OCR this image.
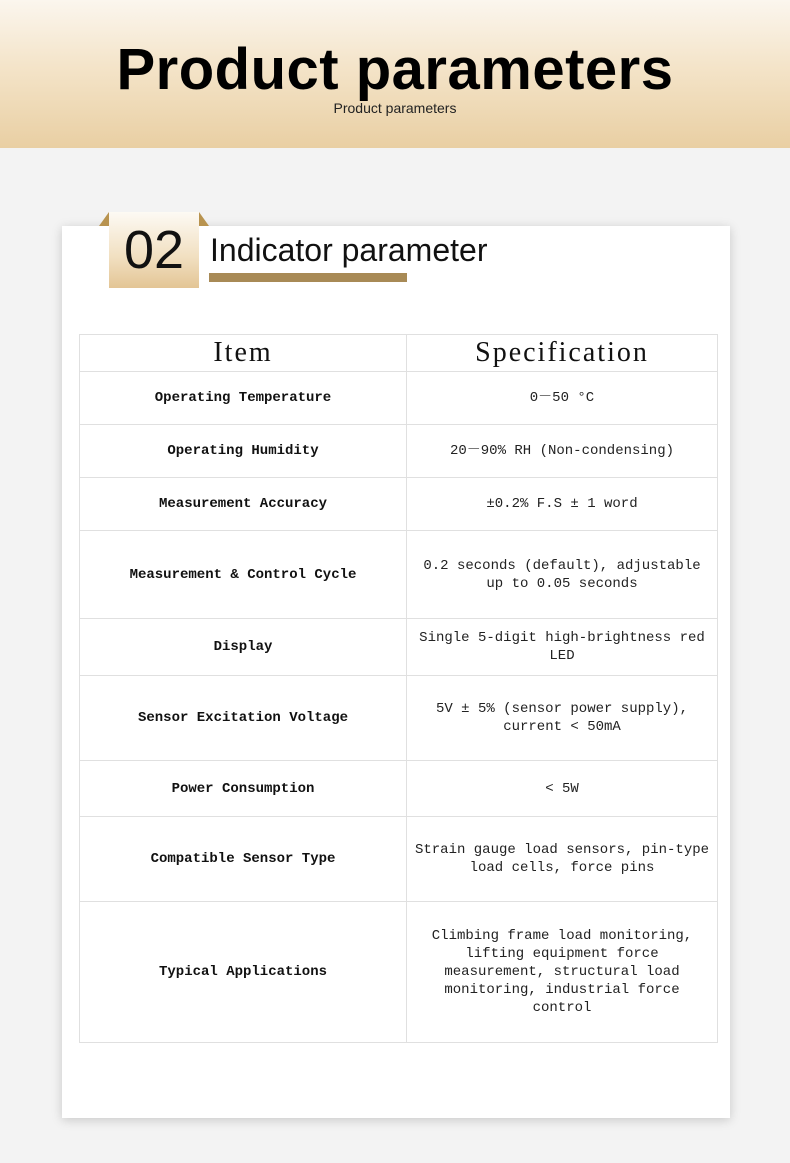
Product parameters
Product parameters
02 Indicator parameter
Item	Specification
Operating Temperature	0－50 °C
Operating Humidity	20－90% RH (Non-condensing)
Measurement Accuracy	±0.2% F.S ± 1 word
Measurement & Control Cycle	0.2 seconds (default), adjustable up to 0.05 seconds
Display	Single 5-digit high-brightness red LED
Sensor Excitation Voltage	5V ± 5% (sensor power supply), current < 50mA
Power Consumption	< 5W
Compatible Sensor Type	Strain gauge load sensors, pin-type load cells, force pins
Typical Applications	Climbing frame load monitoring, lifting equipment force measurement, structural load monitoring, industrial force control
